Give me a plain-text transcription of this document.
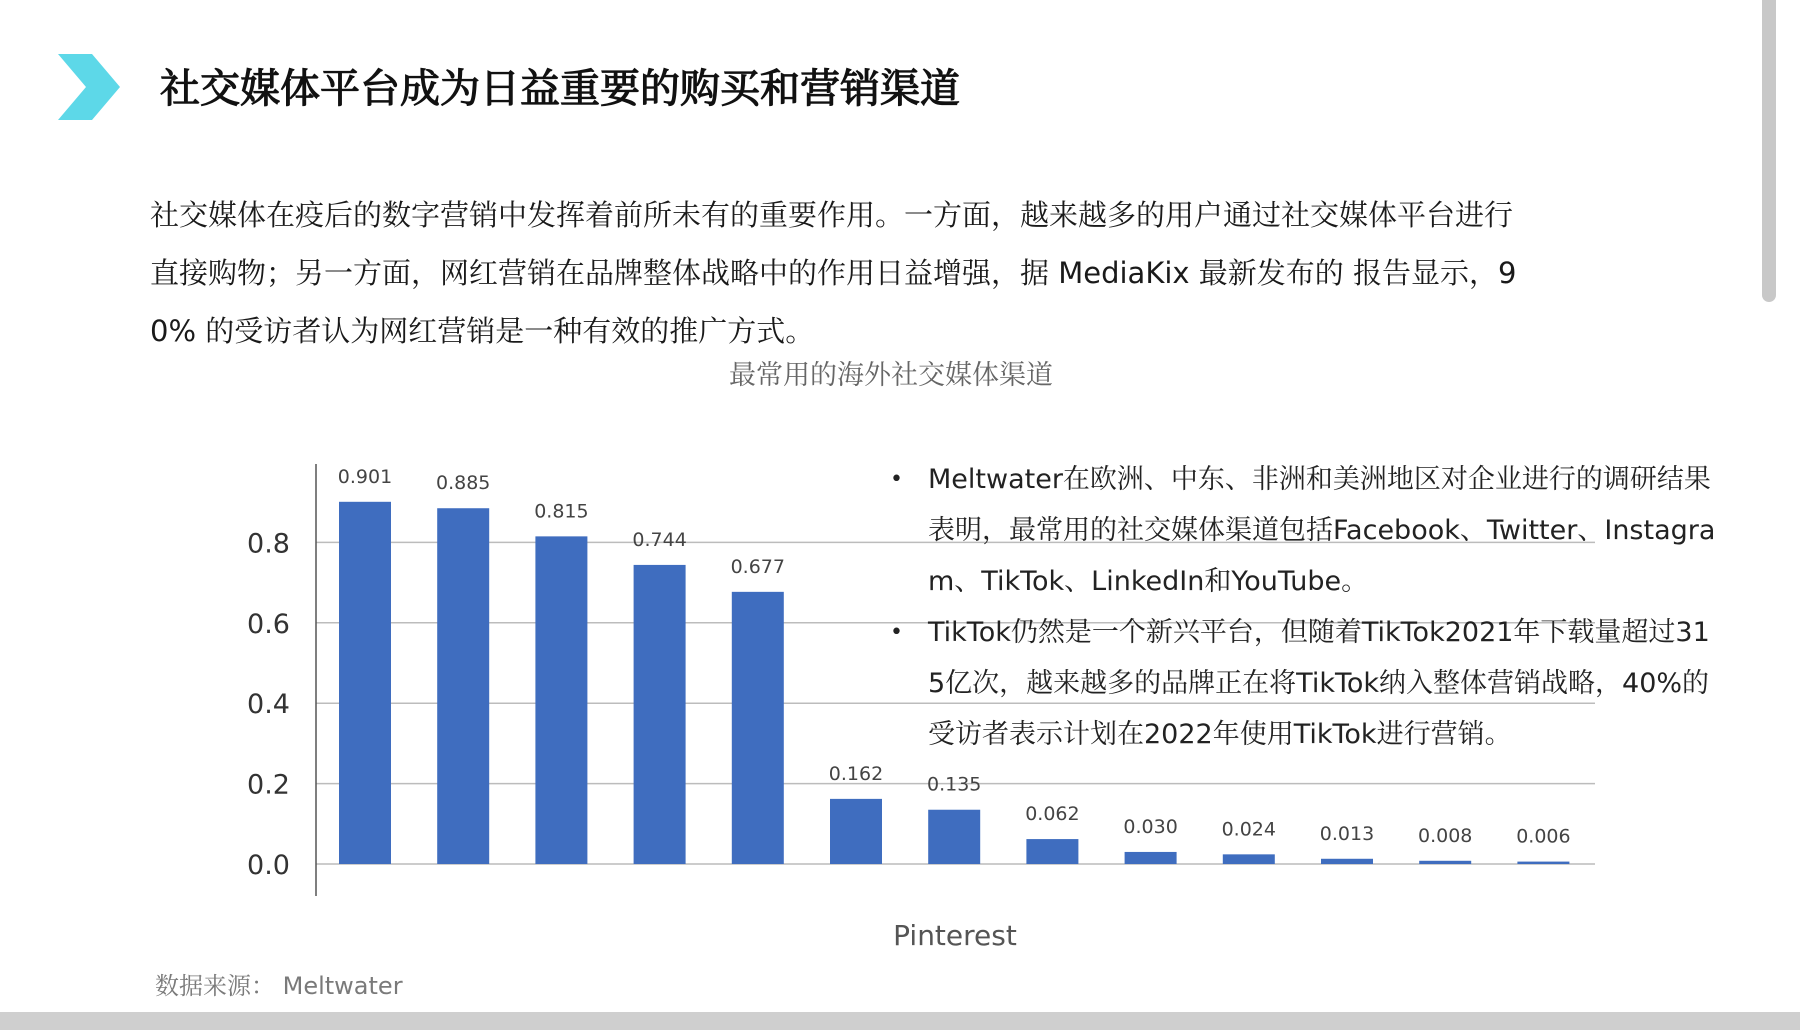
社交媒体平台成为日益重要的购买和营销渠道
社交媒体在疫后的数字营销中发挥着前所未有的重要作用。一方面，越来越多的用户通过社交媒体平台进行
直接购物；另一方面，网红营销在品牌整体战略中的作用日益增强，据 MediaKix 最新发布的 报告显示，9
0% 的受访者认为网红营销是一种有效的推广方式。
最常用的海外社交媒体渠道
0.0
0.2
0.4
0.6
0.8
0.901 0.885
0.815
0.744
0.677
0.162 0.135
0.062
0.030 0.024 0.013 0.008 0.006
Pinterest
• Meltwater在欧洲、中东、非洲和美洲地区对企业进行的调研结果
表明，最常用的社交媒体渠道包括Facebook、Twitter、Instagra
m、TikTok、LinkedIn和YouTube。
• TikTok仍然是一个新兴平台，但随着TikTok2021年下载量超过31
5亿次，越来越多的品牌正在将TikTok纳入整体营销战略，40%的
受访者表示计划在2022年使用TikTok进行营销。
数据来源： Meltwater
